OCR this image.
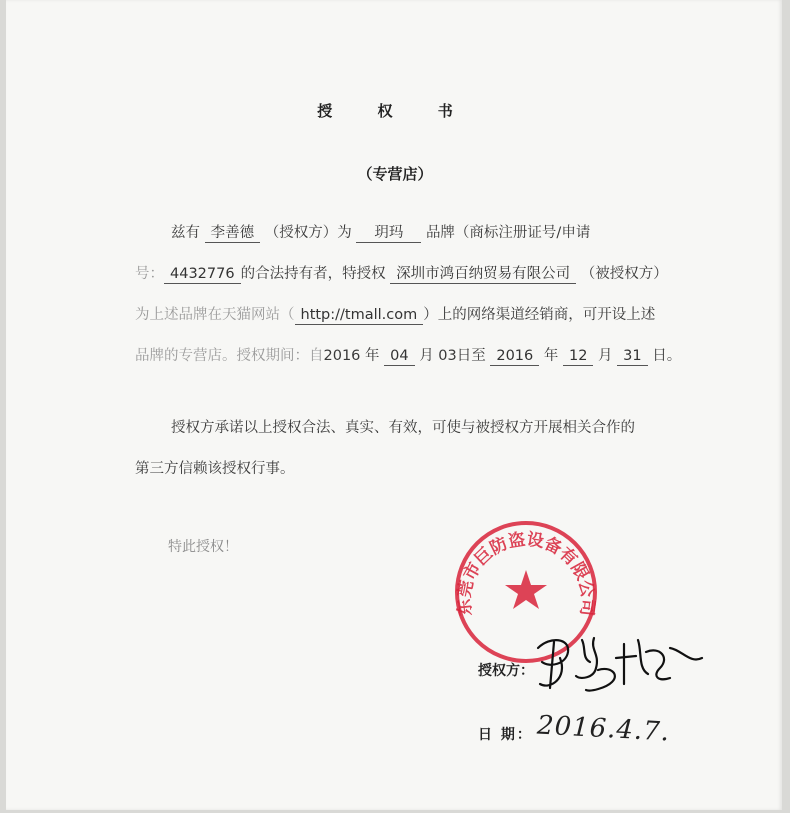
授 权 书
（专营店）
兹有 李善德 （授权方）为 玥玛 品牌（商标注册证号/申请
号： 4432776 的合法持有者，特授权 深圳市鸿百纳贸易有限公司 （被授权方）
为上述品牌在天猫网站（ http://tmall.com ）上的网络渠道经销商，可开设上述
品牌的专营店。授权期间：自2016 年 04 月 03日至 2016 年 12 月 31 日。
授权方承诺以上授权合法、真实、有效，可使与被授权方开展相关合作的
第三方信赖该授权行事。
特此授权！
东莞市巨防盗设备有限公司
授权方：
日 期： 2016.4.7.
